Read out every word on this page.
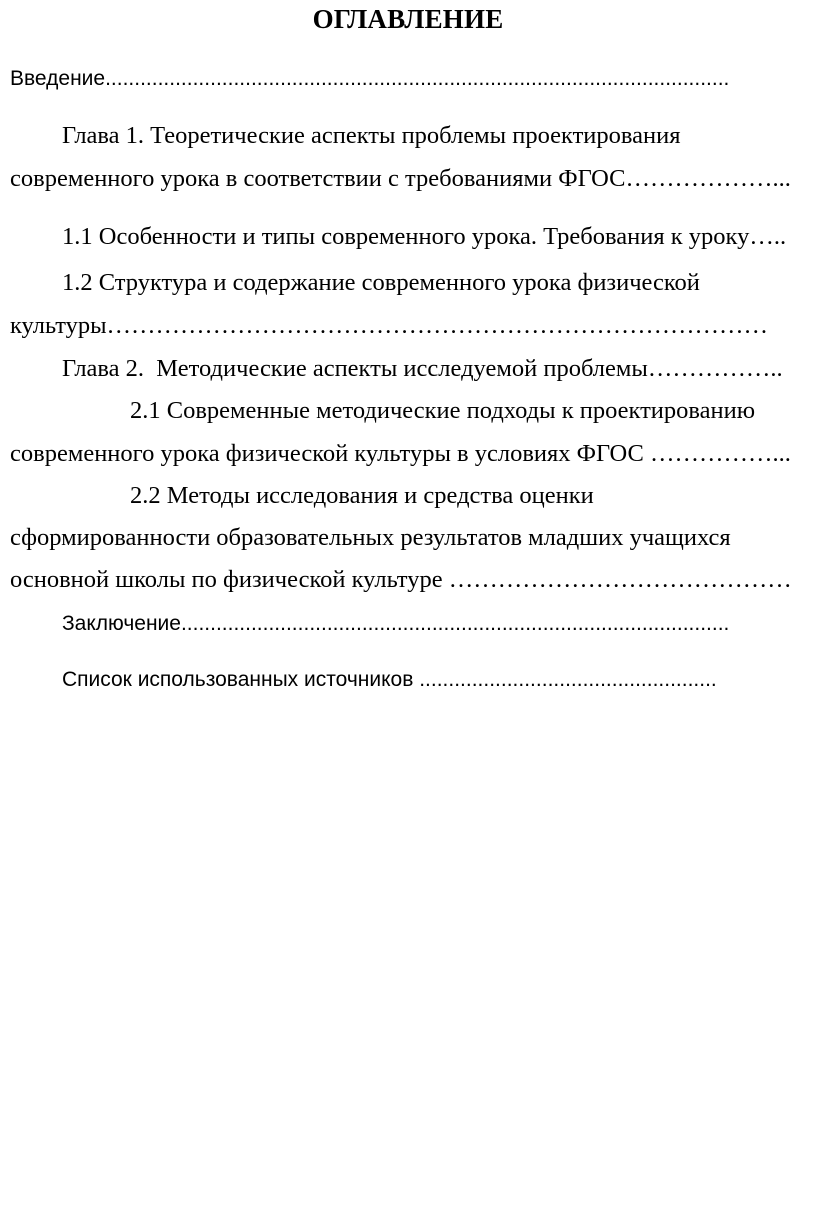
ОГЛАВЛЕНИЕ
Введение...........................................................................................................
Глава 1. Теоретические аспекты проблемы проектирования
современного урока в соответствии с требованиями ФГОС………………...
1.1 Особенности и типы современного урока. Требования к уроку…..
1.2 Структура и содержание современного урока физической
культуры………………………………………………………………………
Глава 2.  Методические аспекты исследуемой проблемы……………..
2.1 Современные методические подходы к проектированию
современного урока физической культуры в условиях ФГОС ……………...
2.2 Методы исследования и средства оценки
сформированности образовательных результатов младших учащихся
основной школы по физической культуре ……………………………………
Заключение..............................................................................................
Список использованных источников ...................................................
